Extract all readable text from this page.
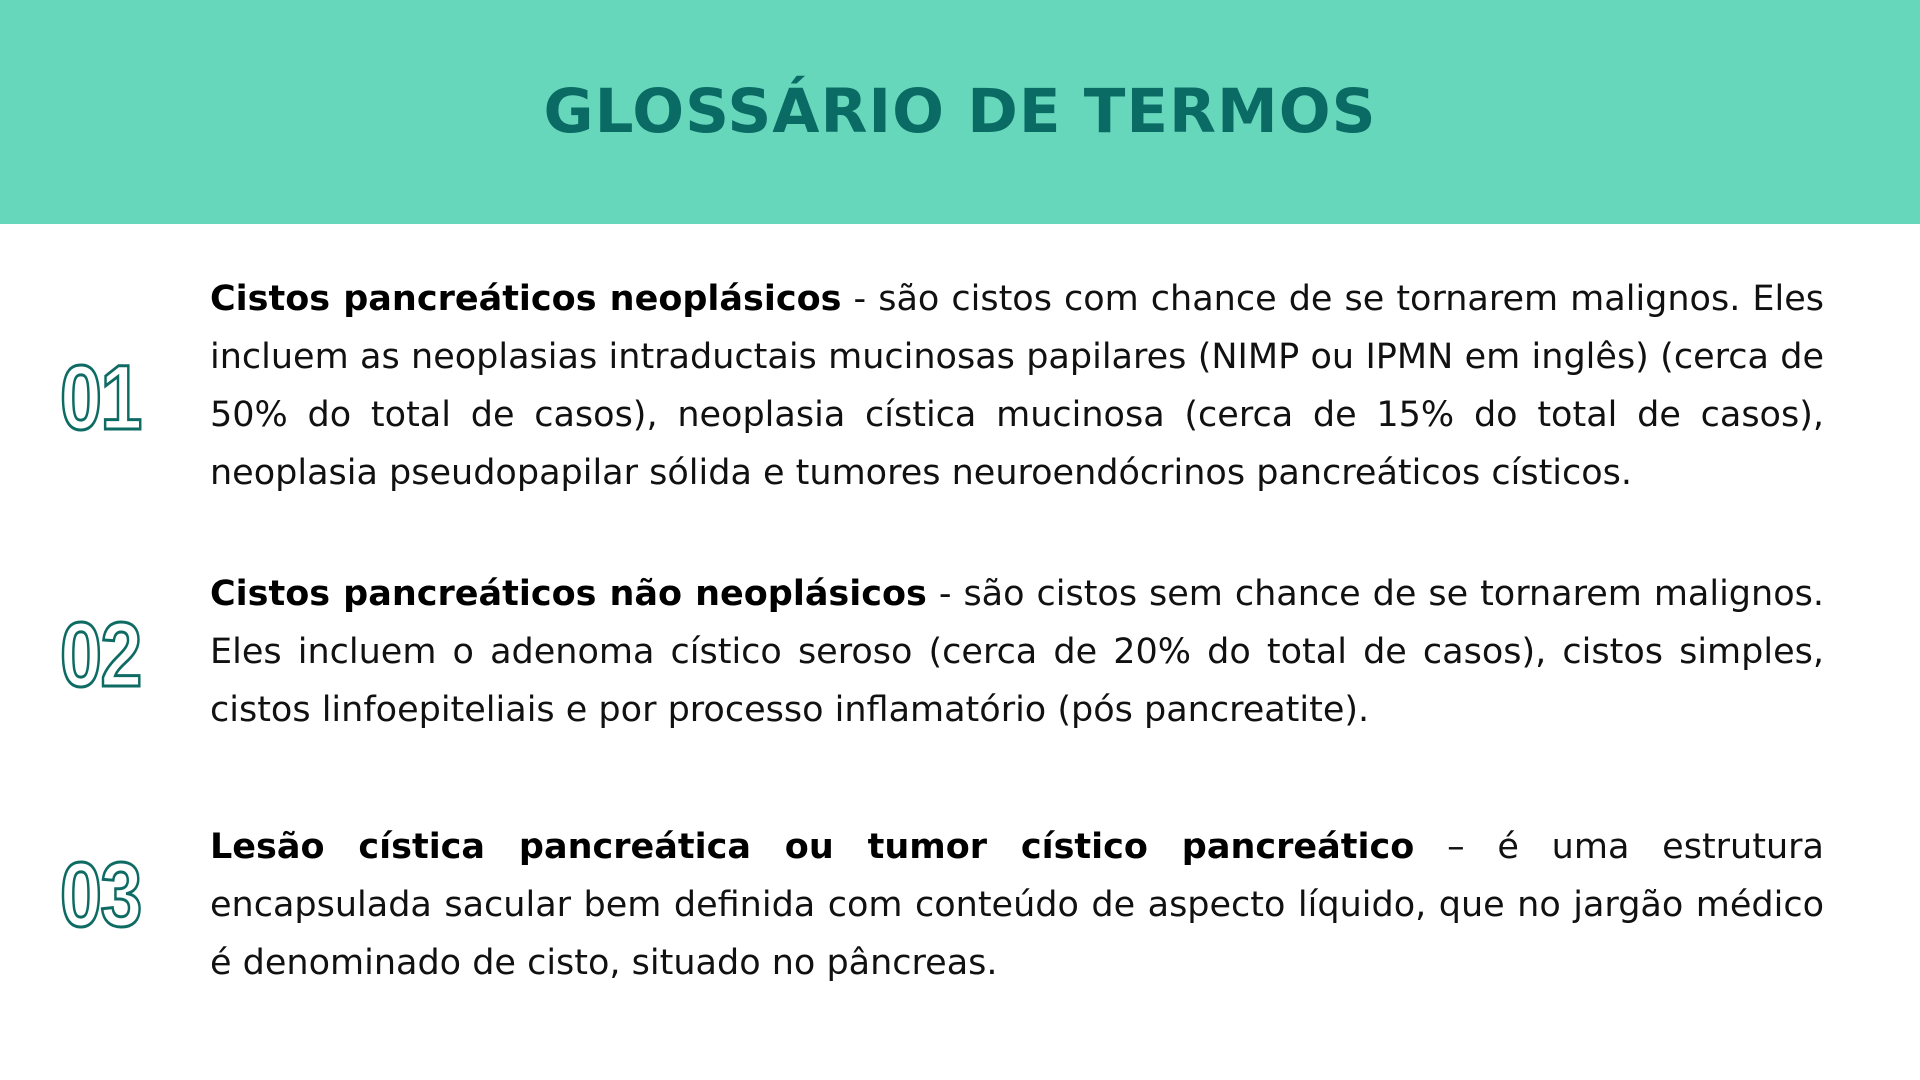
GLOSSÁRIO DE TERMOS
01
Cistos pancreáticos neoplásicos - são cistos com chance de se tornarem malignos. Eles incluem as neoplasias intraductais mucinosas papilares (NIMP ou IPMN em inglês) (cerca de 50% do total de casos), neoplasia cística mucinosa (cerca de 15% do total de casos), neoplasia pseudopapilar sólida e tumores neuroendócrinos pancreáticos císticos.
02
Cistos pancreáticos não neoplásicos - são cistos sem chance de se tornarem malignos. Eles incluem o adenoma cístico seroso (cerca de 20% do total de casos), cistos simples, cistos linfoepiteliais e por processo inflamatório (pós pancreatite).
03 Lesão cística pancreática ou tumor cístico pancreático – é uma estrutura encapsulada sacular bem definida com conteúdo de aspecto líquido, que no jargão médico é denominado de cisto, situado no pâncreas.
